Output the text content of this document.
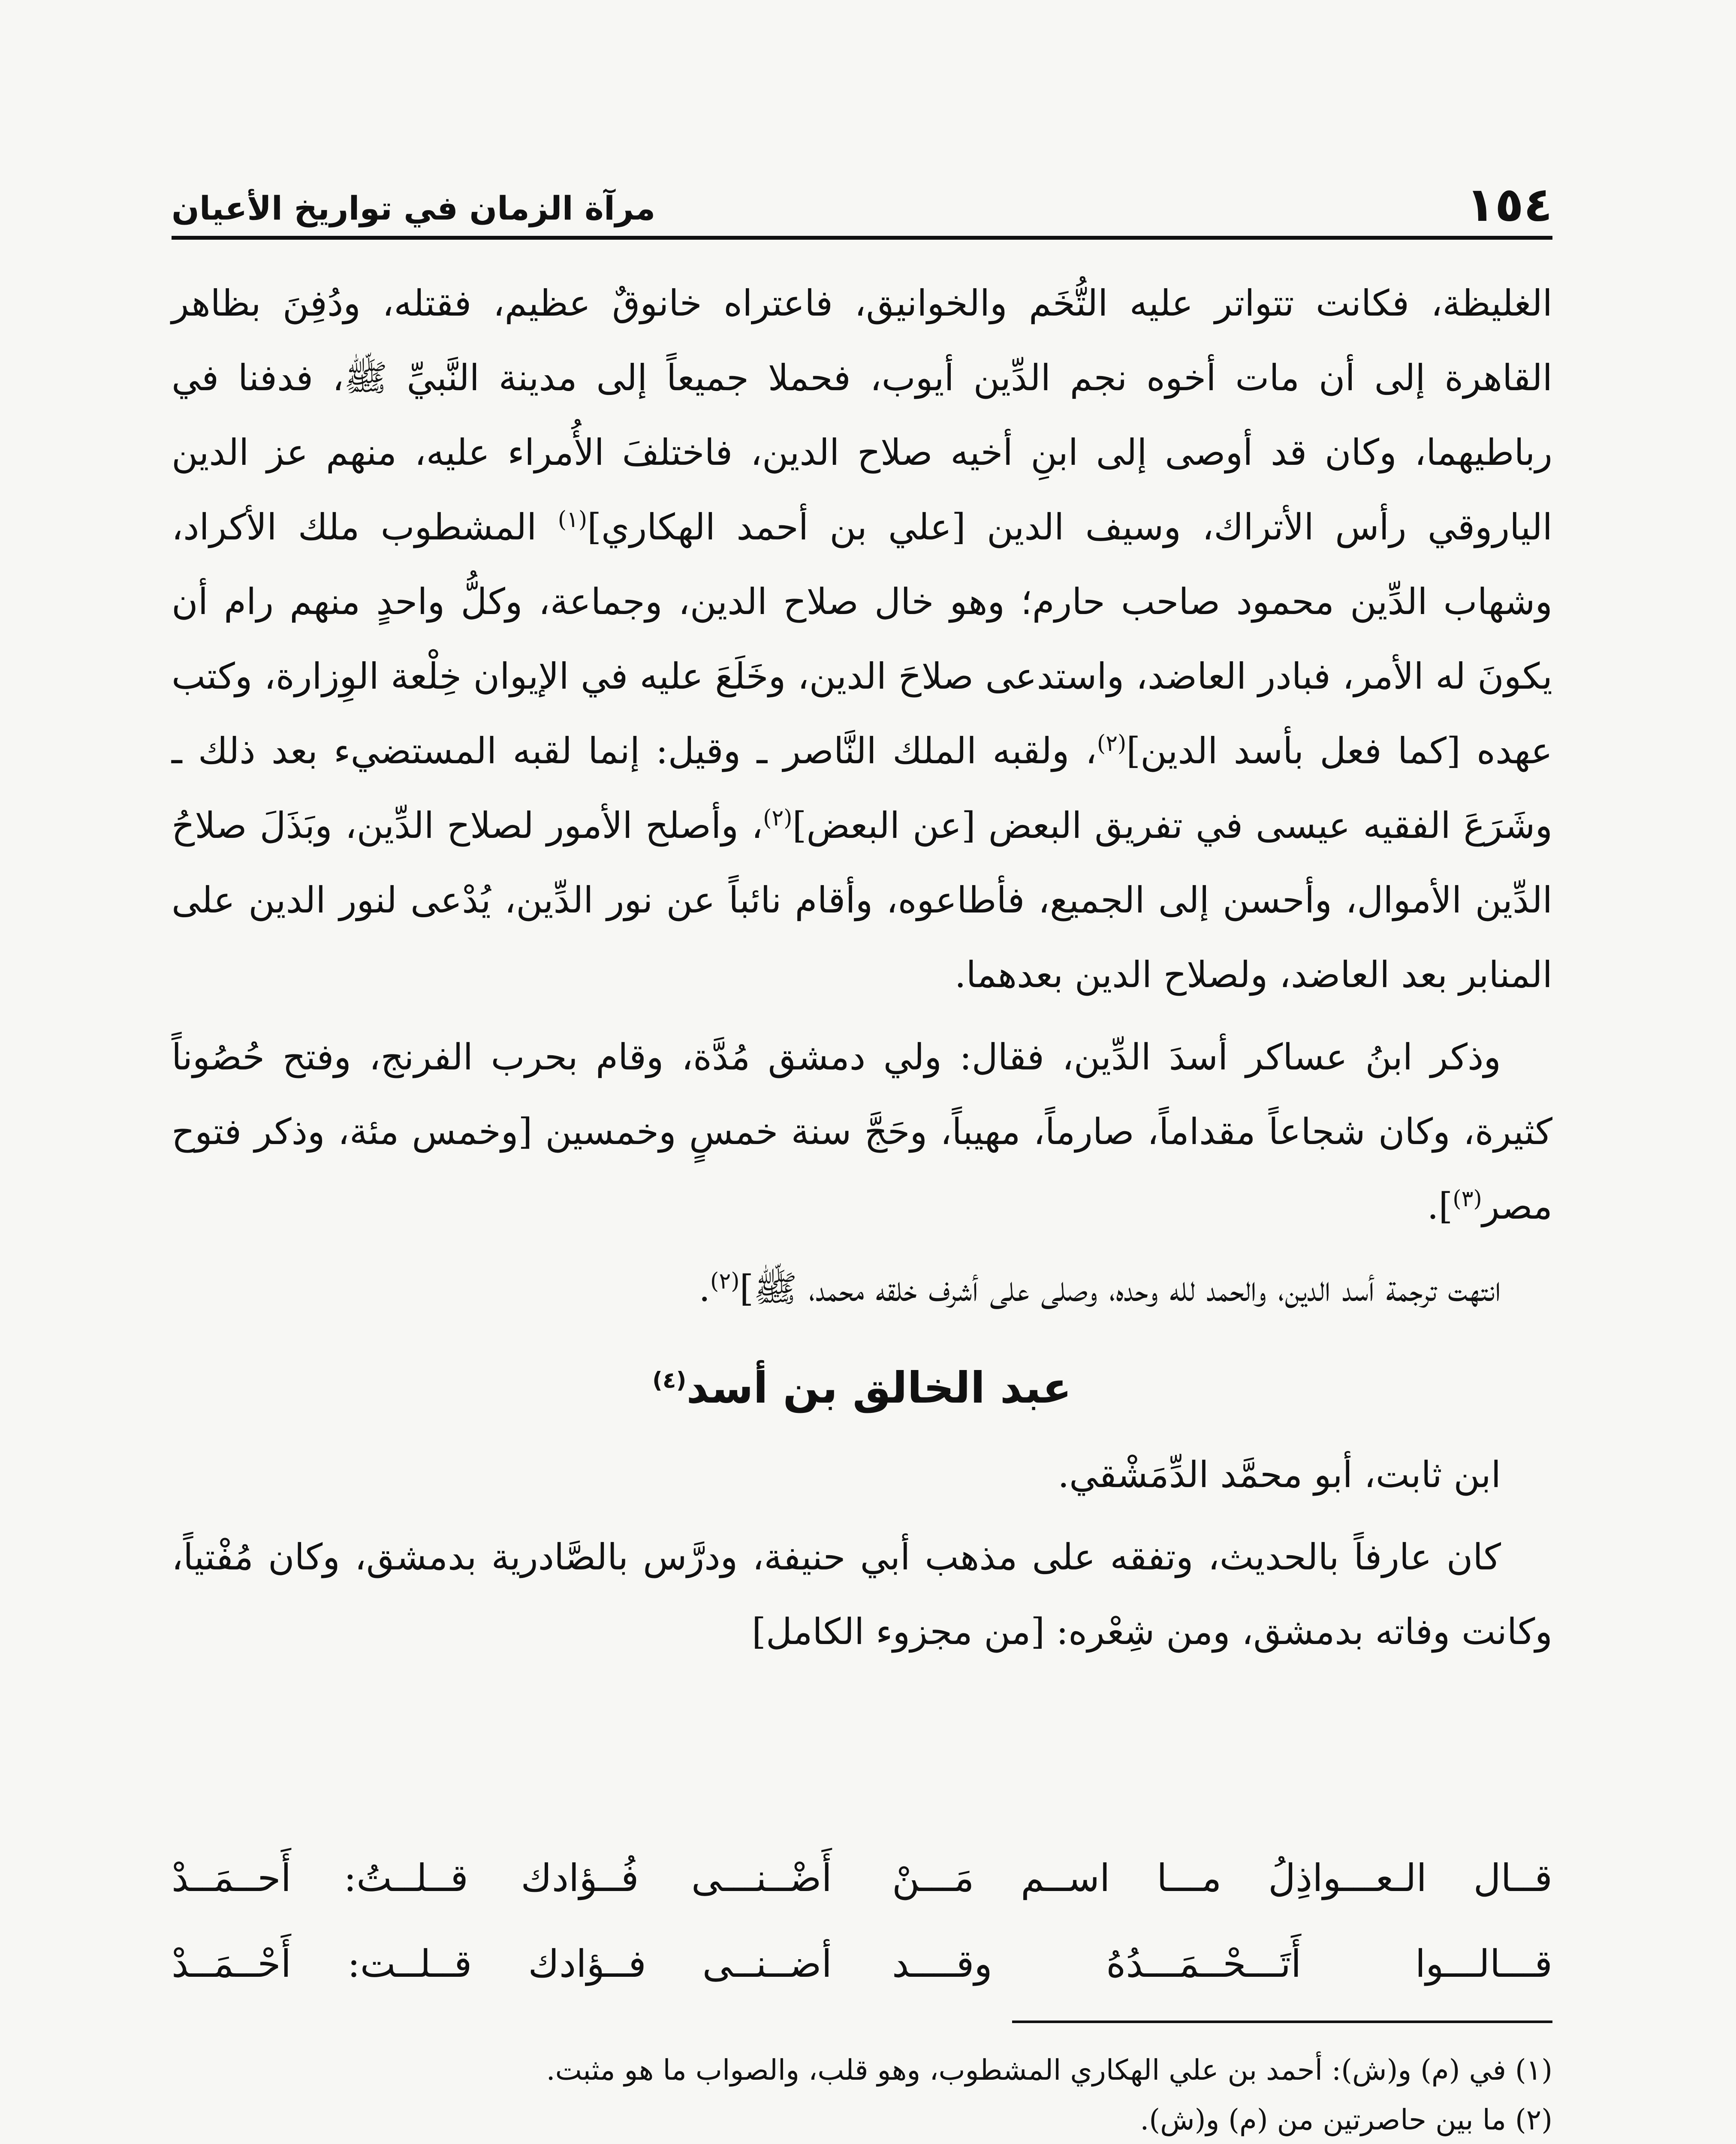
١٥٤
مرآة الزمان في تواريخ الأعيان

الغليظة، فكانت تتواتر عليه التُّخَم والخوانيق، فاعتراه خانوقٌ عظيم، فقتله، ودُفِنَ بظاهر القاهرة إلى أن مات أخوه نجم الدِّين أيوب، فحملا جميعاً إلى مدينة النَّبيِّ ﷺ، فدفنا في رباطيهما، وكان قد أوصى إلى ابنِ أخيه صلاح الدين، فاختلفَ الأُمراء عليه، منهم عز الدين الياروقي رأس الأتراك، وسيف الدين [علي بن أحمد الهكاري]$^{(١)}$ المشطوب ملك الأكراد، وشهاب الدِّين محمود صاحب حارم؛ وهو خال صلاح الدين، وجماعة، وكلُّ واحدٍ منهم رام أن يكونَ له الأمر، فبادر العاضد، واستدعى صلاحَ الدين، وخَلَعَ عليه في الإيوان خِلْعة الوِزارة، وكتب عهده [كما فعل بأسد الدين]$^{(٢)}$، ولقبه الملك النَّاصر ـ وقيل: إنما لقبه المستضيء بعد ذلك ـ وشَرَعَ الفقيه عيسى في تفريق البعض [عن البعض]$^{(٢)}$، وأصلح الأمور لصلاح الدِّين، وبَذَلَ صلاحُ الدِّين الأموال، وأحسن إلى الجميع، فأطاعوه، وأقام نائباً عن نور الدِّين، يُدْعى لنور الدين على المنابر بعد العاضد، ولصلاح الدين بعدهما.

وذكر ابنُ عساكر أسدَ الدِّين، فقال: ولي دمشق مُدَّة، وقام بحرب الفرنج، وفتح حُصُوناً كثيرة، وكان شجاعاً مقداماً، صارماً، مهيباً، وحَجَّ سنة خمسٍ وخمسين [وخمس مئة، وذكر فتوح مصر$^{(٣)}$].

انتهت ترجمة أسد الدين، والحمد لله وحده، وصلى على أشرف خلقه محمد، ﷺ]$^{(٢)}$.

عبد الخالق بن أسد$^{(٤)}$

ابن ثابت، أبو محمَّد الدِّمَشْقي.

كان عارفاً بالحديث، وتفقه على مذهب أبي حنيفة، ودرَّس بالصَّادرية بدمشق، وكان مُفْتياً، وكانت وفاته بدمشق، ومن شِعْره: [من مجزوء الكامل]

قــال الـعـــواذِلُ مـــا اســم مَـــنْ
أَضْــنـــى فُــؤادك قــلــتُ: أَحــمَــدْ
قـــالـــوا أَتَـــحْــمَـــدُهُ وقــــد
أضــنــى فــؤادك قــلــت: أَحْــمَــدْ

(١) في (م) و(ش): أحمد بن علي الهكاري المشطوب، وهو قلب، والصواب ما هو مثبت.

(٢) ما بين حاصرتين من (م) و(ش).
